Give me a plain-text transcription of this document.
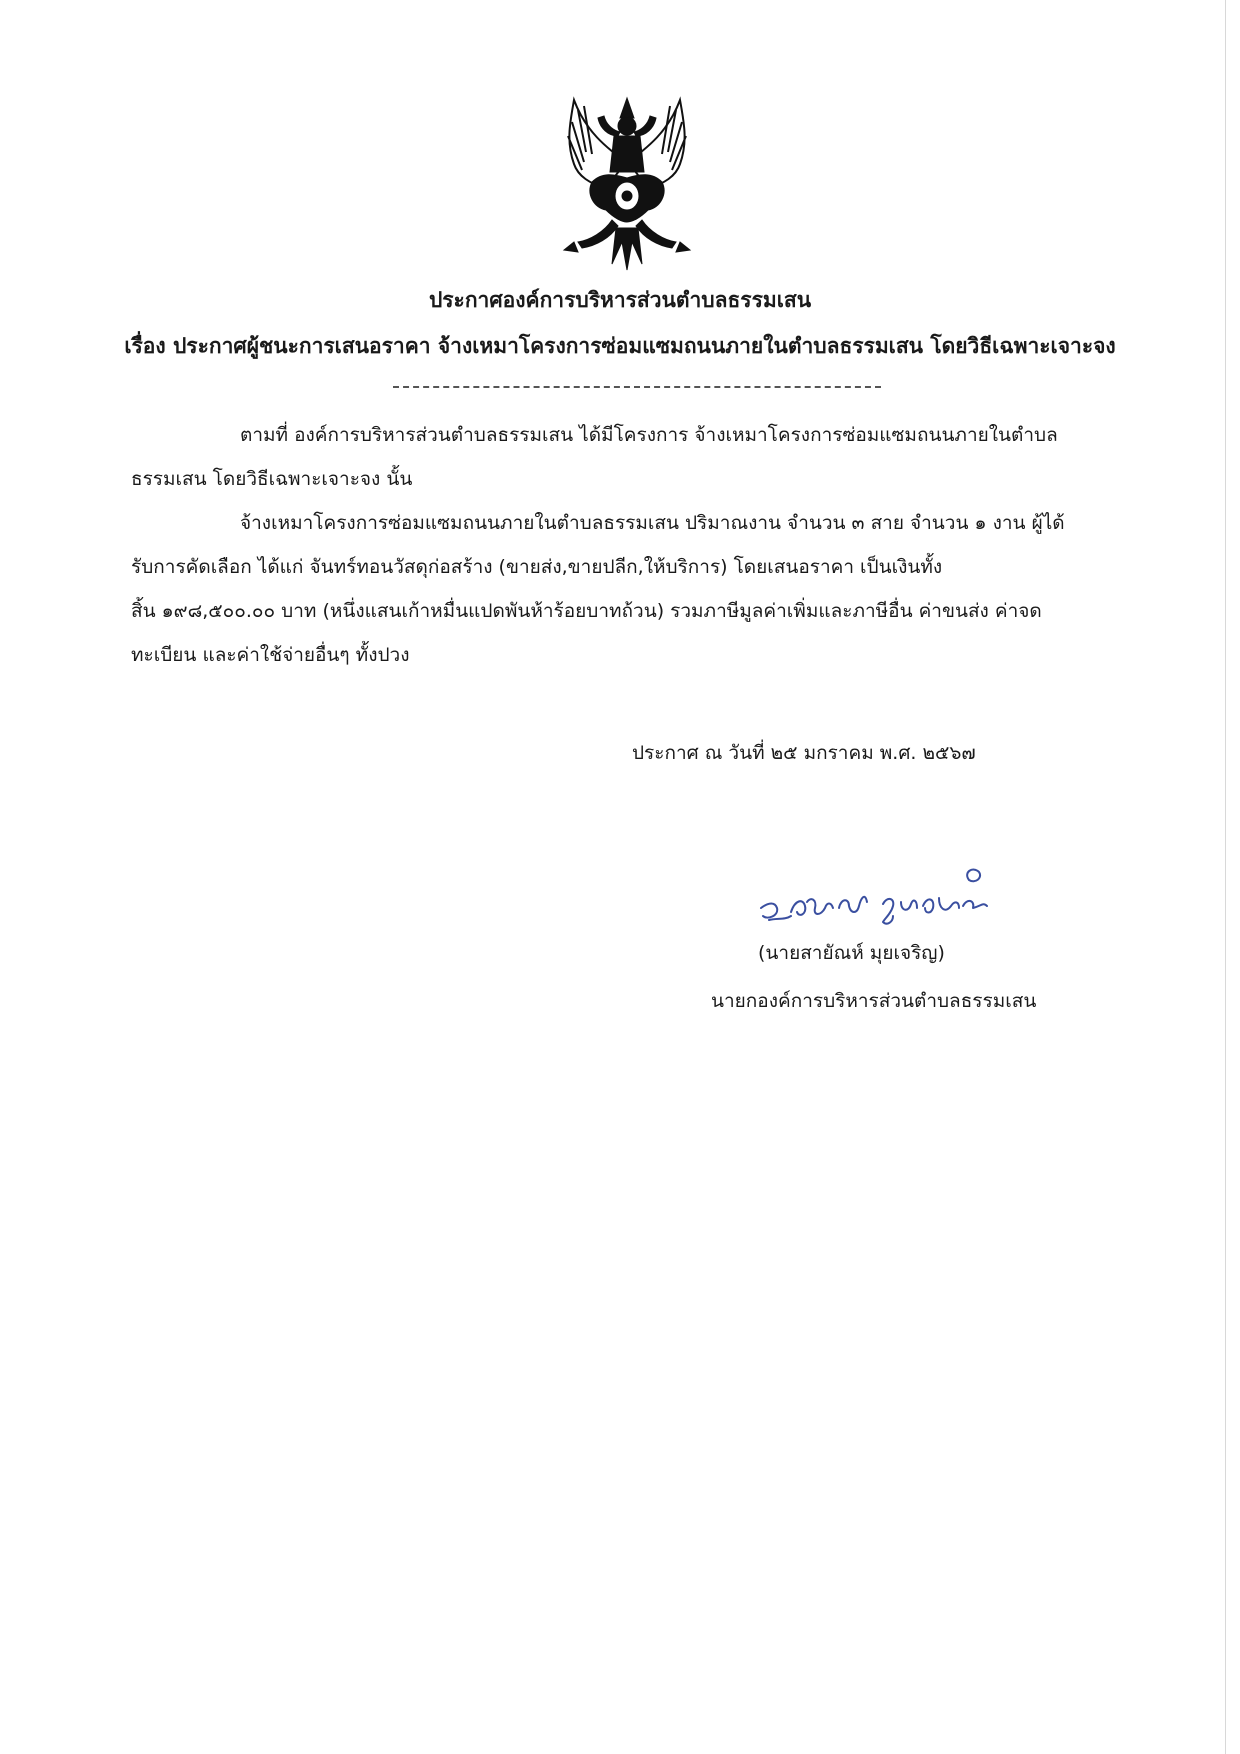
ประกาศองค์การบริหารส่วนตำบลธรรมเสน
เรื่อง ประกาศผู้ชนะการเสนอราคา จ้างเหมาโครงการซ่อมแซมถนนภายในตำบลธรรมเสน โดยวิธีเฉพาะเจาะจง
ตามที่ องค์การบริหารส่วนตำบลธรรมเสน ได้มีโครงการ จ้างเหมาโครงการซ่อมแซมถนนภายในตำบล
ธรรมเสน โดยวิธีเฉพาะเจาะจง นั้น
จ้างเหมาโครงการซ่อมแซมถนนภายในตำบลธรรมเสน ปริมาณงาน จำนวน ๓ สาย จำนวน ๑ งาน ผู้ได้
รับการคัดเลือก ได้แก่ จันทร์ทอนวัสดุก่อสร้าง (ขายส่ง,ขายปลีก,ให้บริการ) โดยเสนอราคา เป็นเงินทั้ง
สิ้น ๑๙๘,๕๐๐.๐๐ บาท (หนึ่งแสนเก้าหมื่นแปดพันห้าร้อยบาทถ้วน) รวมภาษีมูลค่าเพิ่มและภาษีอื่น ค่าขนส่ง ค่าจด
ทะเบียน และค่าใช้จ่ายอื่นๆ ทั้งปวง
ประกาศ ณ วันที่ ๒๕ มกราคม พ.ศ. ๒๕๖๗
(นายสายัณห์ มุยเจริญ)
นายกองค์การบริหารส่วนตำบลธรรมเสน
